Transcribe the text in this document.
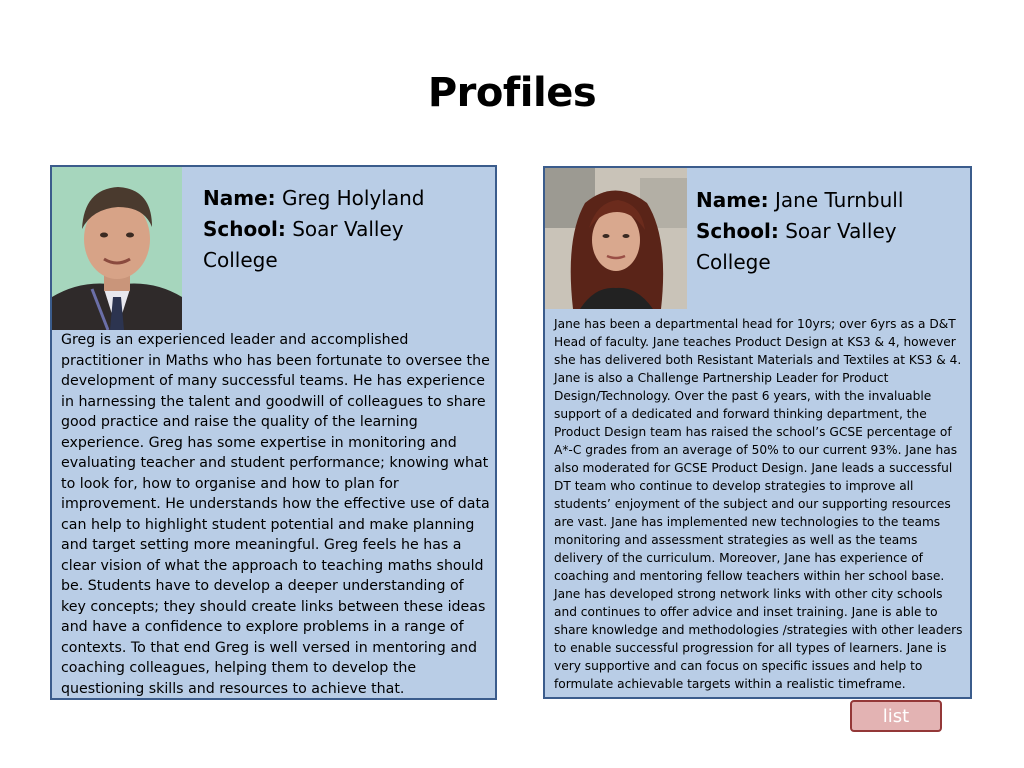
Profiles
Name: Greg Holyland
School: Soar Valley College
Greg is an experienced leader and accomplished practitioner in Maths who has been fortunate to oversee the development of many successful teams. He has experience in harnessing the talent and goodwill of colleagues to share good practice and raise the quality of the learning experience. Greg has some expertise in monitoring and evaluating teacher and student performance; knowing what to look for, how to organise and how to plan for improvement. He understands how the effective use of data can help to highlight student potential and make planning and target setting more meaningful. Greg feels he has a clear vision of what the approach to teaching maths should be. Students have to develop a deeper understanding of key concepts; they should create links between these ideas and have a confidence to explore problems in a range of contexts. To that end Greg is well versed in mentoring and coaching colleagues, helping them to develop the questioning skills and resources to achieve that.
Name: Jane Turnbull
School: Soar Valley College
Jane has been a departmental head for 10yrs; over 6yrs as a D&T Head of faculty. Jane teaches Product Design at KS3 & 4, however she has delivered both Resistant Materials and Textiles at KS3 & 4. Jane is also a Challenge Partnership Leader for Product Design/Technology. Over the past 6 years, with the invaluable support of a dedicated and forward thinking department, the Product Design team has raised the school’s GCSE percentage of A*-C grades from an average of 50% to our current 93%. Jane has also moderated for GCSE Product Design. Jane leads a successful DT team who continue to develop strategies to improve all students’ enjoyment of the subject and our supporting resources are vast. Jane has implemented new technologies to the teams monitoring and assessment strategies as well as the teams delivery of the curriculum. Moreover, Jane has experience of coaching and mentoring fellow teachers within her school base. Jane has developed strong network links with other city schools and continues to offer advice and inset training. Jane is able to share knowledge and methodologies /strategies with other leaders to enable successful progression for all types of learners. Jane is very supportive and can focus on specific issues and help to formulate achievable targets within a realistic timeframe.
list
